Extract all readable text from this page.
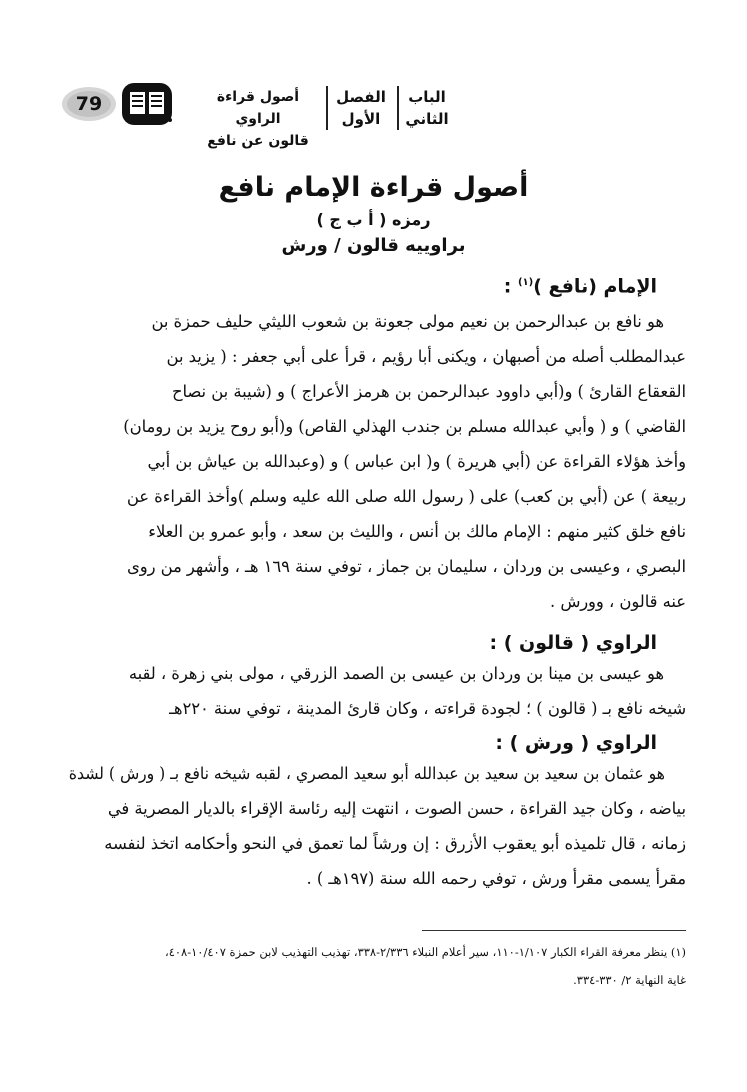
الباب
الثاني
الفصل
الأول
أصول قراءة الراوي
قالون عن نافع
79
أصول قراءة الإمام نافع
رمزه ( أ ب ج )
براوييه قالون / ورش
الإمام (نافع )$^{(١)}$ :
هو نافع بن عبدالرحمن بن نعيم مولى جعونة بن شعوب الليثي حليف حمزة بن
عبدالمطلب أصله من أصبهان ، ويكنى أبا رؤيم ، قرأ على أبي جعفر : ( يزيد بن
القعقاع القارئ ) و(أبي داوود عبدالرحمن بن هرمز الأعراج ) و (شيبة بن نصاح
القاضي ) و ( وأبي عبدالله مسلم بن جندب الهذلي القاص) و(أبو روح يزيد بن رومان)
وأخذ هؤلاء القراءة عن (أبي هريرة ) و( ابن عباس ) و (وعبدالله بن عياش بن أبي
ربيعة ) عن (أبي بن كعب) على ( رسول الله صلى الله عليه وسلم )وأخذ القراءة عن
نافع خلق كثير منهم : الإمام مالك بن أنس ، والليث بن سعد ، وأبو عمرو بن العلاء
البصري ، وعيسى بن وردان ، سليمان بن جماز ، توفي سنة ١٦٩ هـ ، وأشهر من روى
عنه قالون ، وورش .
الراوي ( قالون ) :
هو عيسى بن مينا بن وردان بن عيسى بن الصمد الزرقي ، مولى بني زهرة ، لقبه
شيخه نافع بـ ( قالون ) ؛ لجودة قراءته ، وكان قارئ المدينة ، توفي سنة ٢٢٠هـ
الراوي ( ورش ) :
هو عثمان بن سعيد بن سعيد بن عبدالله أبو سعيد المصري ، لقبه شيخه نافع بـ ( ورش ) لشدة
بياضه ، وكان جيد القراءة ، حسن الصوت ، انتهت إليه رئاسة الإقراء بالديار المصرية في
زمانه ، قال تلميذه أبو يعقوب الأزرق : إن ورشاً لما تعمق في النحو وأحكامه اتخذ لنفسه
مقرأ يسمى مقرأ ورش ، توفي رحمه الله سنة (١٩٧هـ ) .
(١) ينظر معرفة القراء الكبار ١/١٠٧-١١٠، سير أعلام النبلاء ٢/٣٣٦-٣٣٨، تهذيب التهذيب لابن حمزة ١٠/٤٠٧-٤٠٨،
غاية النهاية ٢/ ٣٣٠-٣٣٤.
